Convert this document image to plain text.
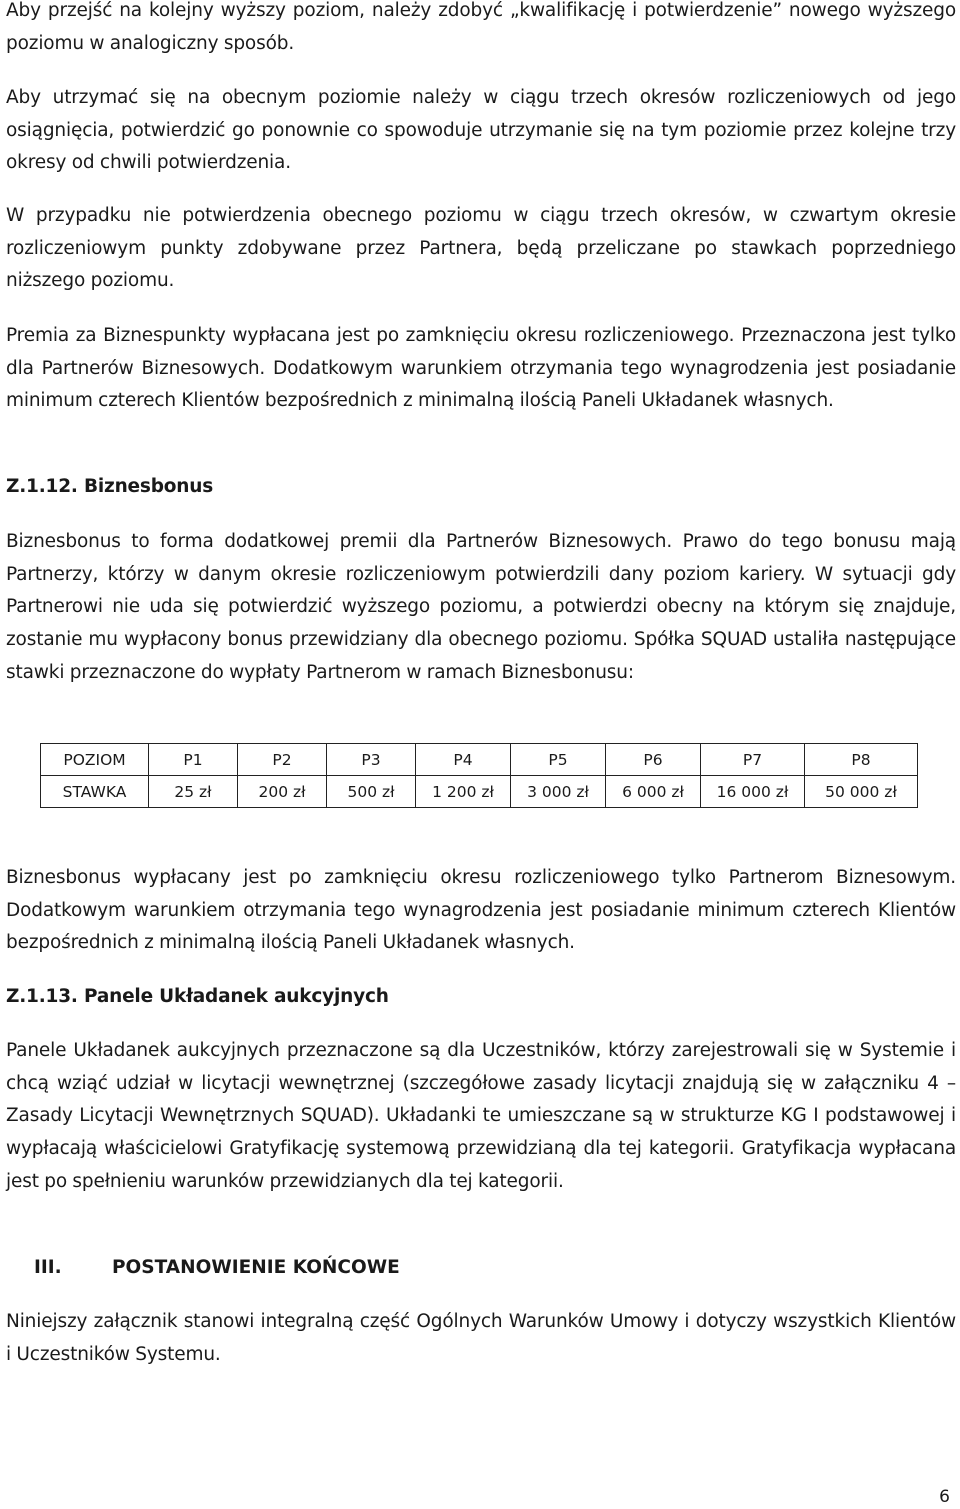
Aby przejść na kolejny wyższy poziom, należy zdobyć „kwalifikację i potwierdzenie” nowego wyższego poziomu w analogiczny sposób.

Aby utrzymać się na obecnym poziomie należy w ciągu trzech okresów rozliczeniowych od jego osiągnięcia, potwierdzić go ponownie co spowoduje utrzymanie się na tym poziomie przez kolejne trzy okresy od chwili potwierdzenia.

W przypadku nie potwierdzenia obecnego poziomu w ciągu trzech okresów, w czwartym okresie rozliczeniowym punkty zdobywane przez Partnera, będą przeliczane po stawkach poprzedniego niższego poziomu.

Premia za Biznespunkty wypłacana jest po zamknięciu okresu rozliczeniowego. Przeznaczona jest tylko dla Partnerów Biznesowych. Dodatkowym warunkiem otrzymania tego wynagrodzenia jest posiadanie minimum czterech Klientów bezpośrednich z minimalną ilością Paneli Układanek własnych.

Z.1.12. Biznesbonus

Biznesbonus to forma dodatkowej premii dla Partnerów Biznesowych. Prawo do tego bonusu mają Partnerzy, którzy w danym okresie rozliczeniowym potwierdzili dany poziom kariery. W sytuacji gdy Partnerowi nie uda się potwierdzić wyższego poziomu, a potwierdzi obecny na którym się znajduje, zostanie mu wypłacony bonus przewidziany dla obecnego poziomu. Spółka SQUAD ustaliła następujące stawki przeznaczone do wypłaty Partnerom w ramach Biznesbonusu:

POZIOM	P1	P2	P3	P4	P5	P6	P7	P8
STAWKA	25 zł	200 zł	500 zł	1 200 zł	3 000 zł	6 000 zł	16 000 zł	50 000 zł

Biznesbonus wypłacany jest po zamknięciu okresu rozliczeniowego tylko Partnerom Biznesowym. Dodatkowym warunkiem otrzymania tego wynagrodzenia jest posiadanie minimum czterech Klientów bezpośrednich z minimalną ilością Paneli Układanek własnych.

Z.1.13. Panele Układanek aukcyjnych

Panele Układanek aukcyjnych przeznaczone są dla Uczestników, którzy zarejestrowali się w Systemie i chcą wziąć udział w licytacji wewnętrznej (szczegółowe zasady licytacji znajdują się w załączniku 4 – Zasady Licytacji Wewnętrznych SQUAD). Układanki te umieszczane są w strukturze KG I podstawowej i wypłacają właścicielowi Gratyfikację systemową przewidzianą dla tej kategorii. Gratyfikacja wypłacana jest po spełnieniu warunków przewidzianych dla tej kategorii.

Niniejszy załącznik stanowi integralną część Ogólnych Warunków Umowy i dotyczy wszystkich Klientów i Uczestników Systemu.

III.	POSTANOWIENIE KOŃCOWE
6
